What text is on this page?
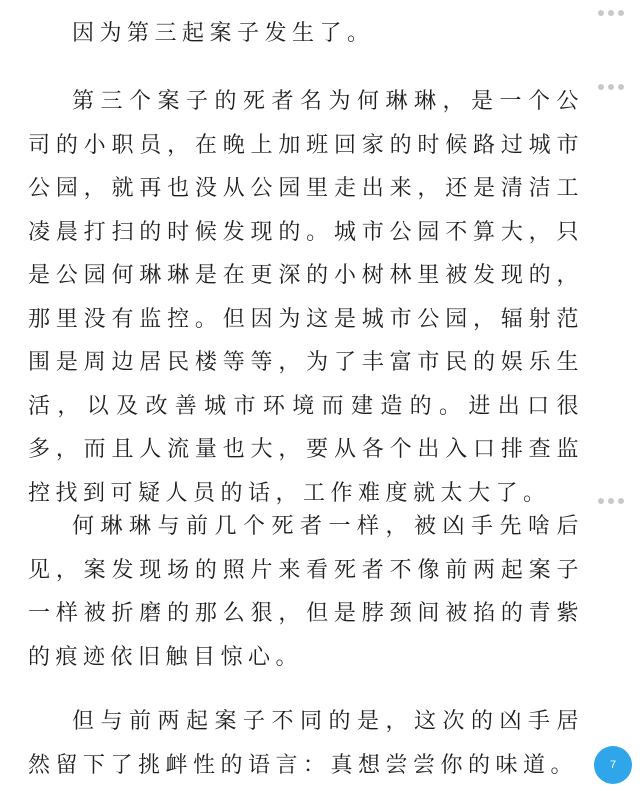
因为第三起案子发生了。

第三个案子的死者名为何琳琳，是一个公司的小职员，在晚上加班回家的时候路过城市公园，就再也没从公园里走出来，还是清洁工凌晨打扫的时候发现的。城市公园不算大，只是公园何琳琳是在更深的小树林里被发现的，那里没有监控。但因为这是城市公园，辐射范围是周边居民楼等等，为了丰富市民的娱乐生活，以及改善城市环境而建造的。进出口很多，而且人流量也大，要从各个出入口排查监控找到可疑人员的话，工作难度就太大了。

何琳琳与前几个死者一样，被凶手先啥后见，案发现场的照片来看死者不像前两起案子一样被折磨的那么狠，但是脖颈间被掐的青紫的痕迹依旧触目惊心。

但与前两起案子不同的是，这次的凶手居然留下了挑衅性的语言：真想尝尝你的味道。	7
